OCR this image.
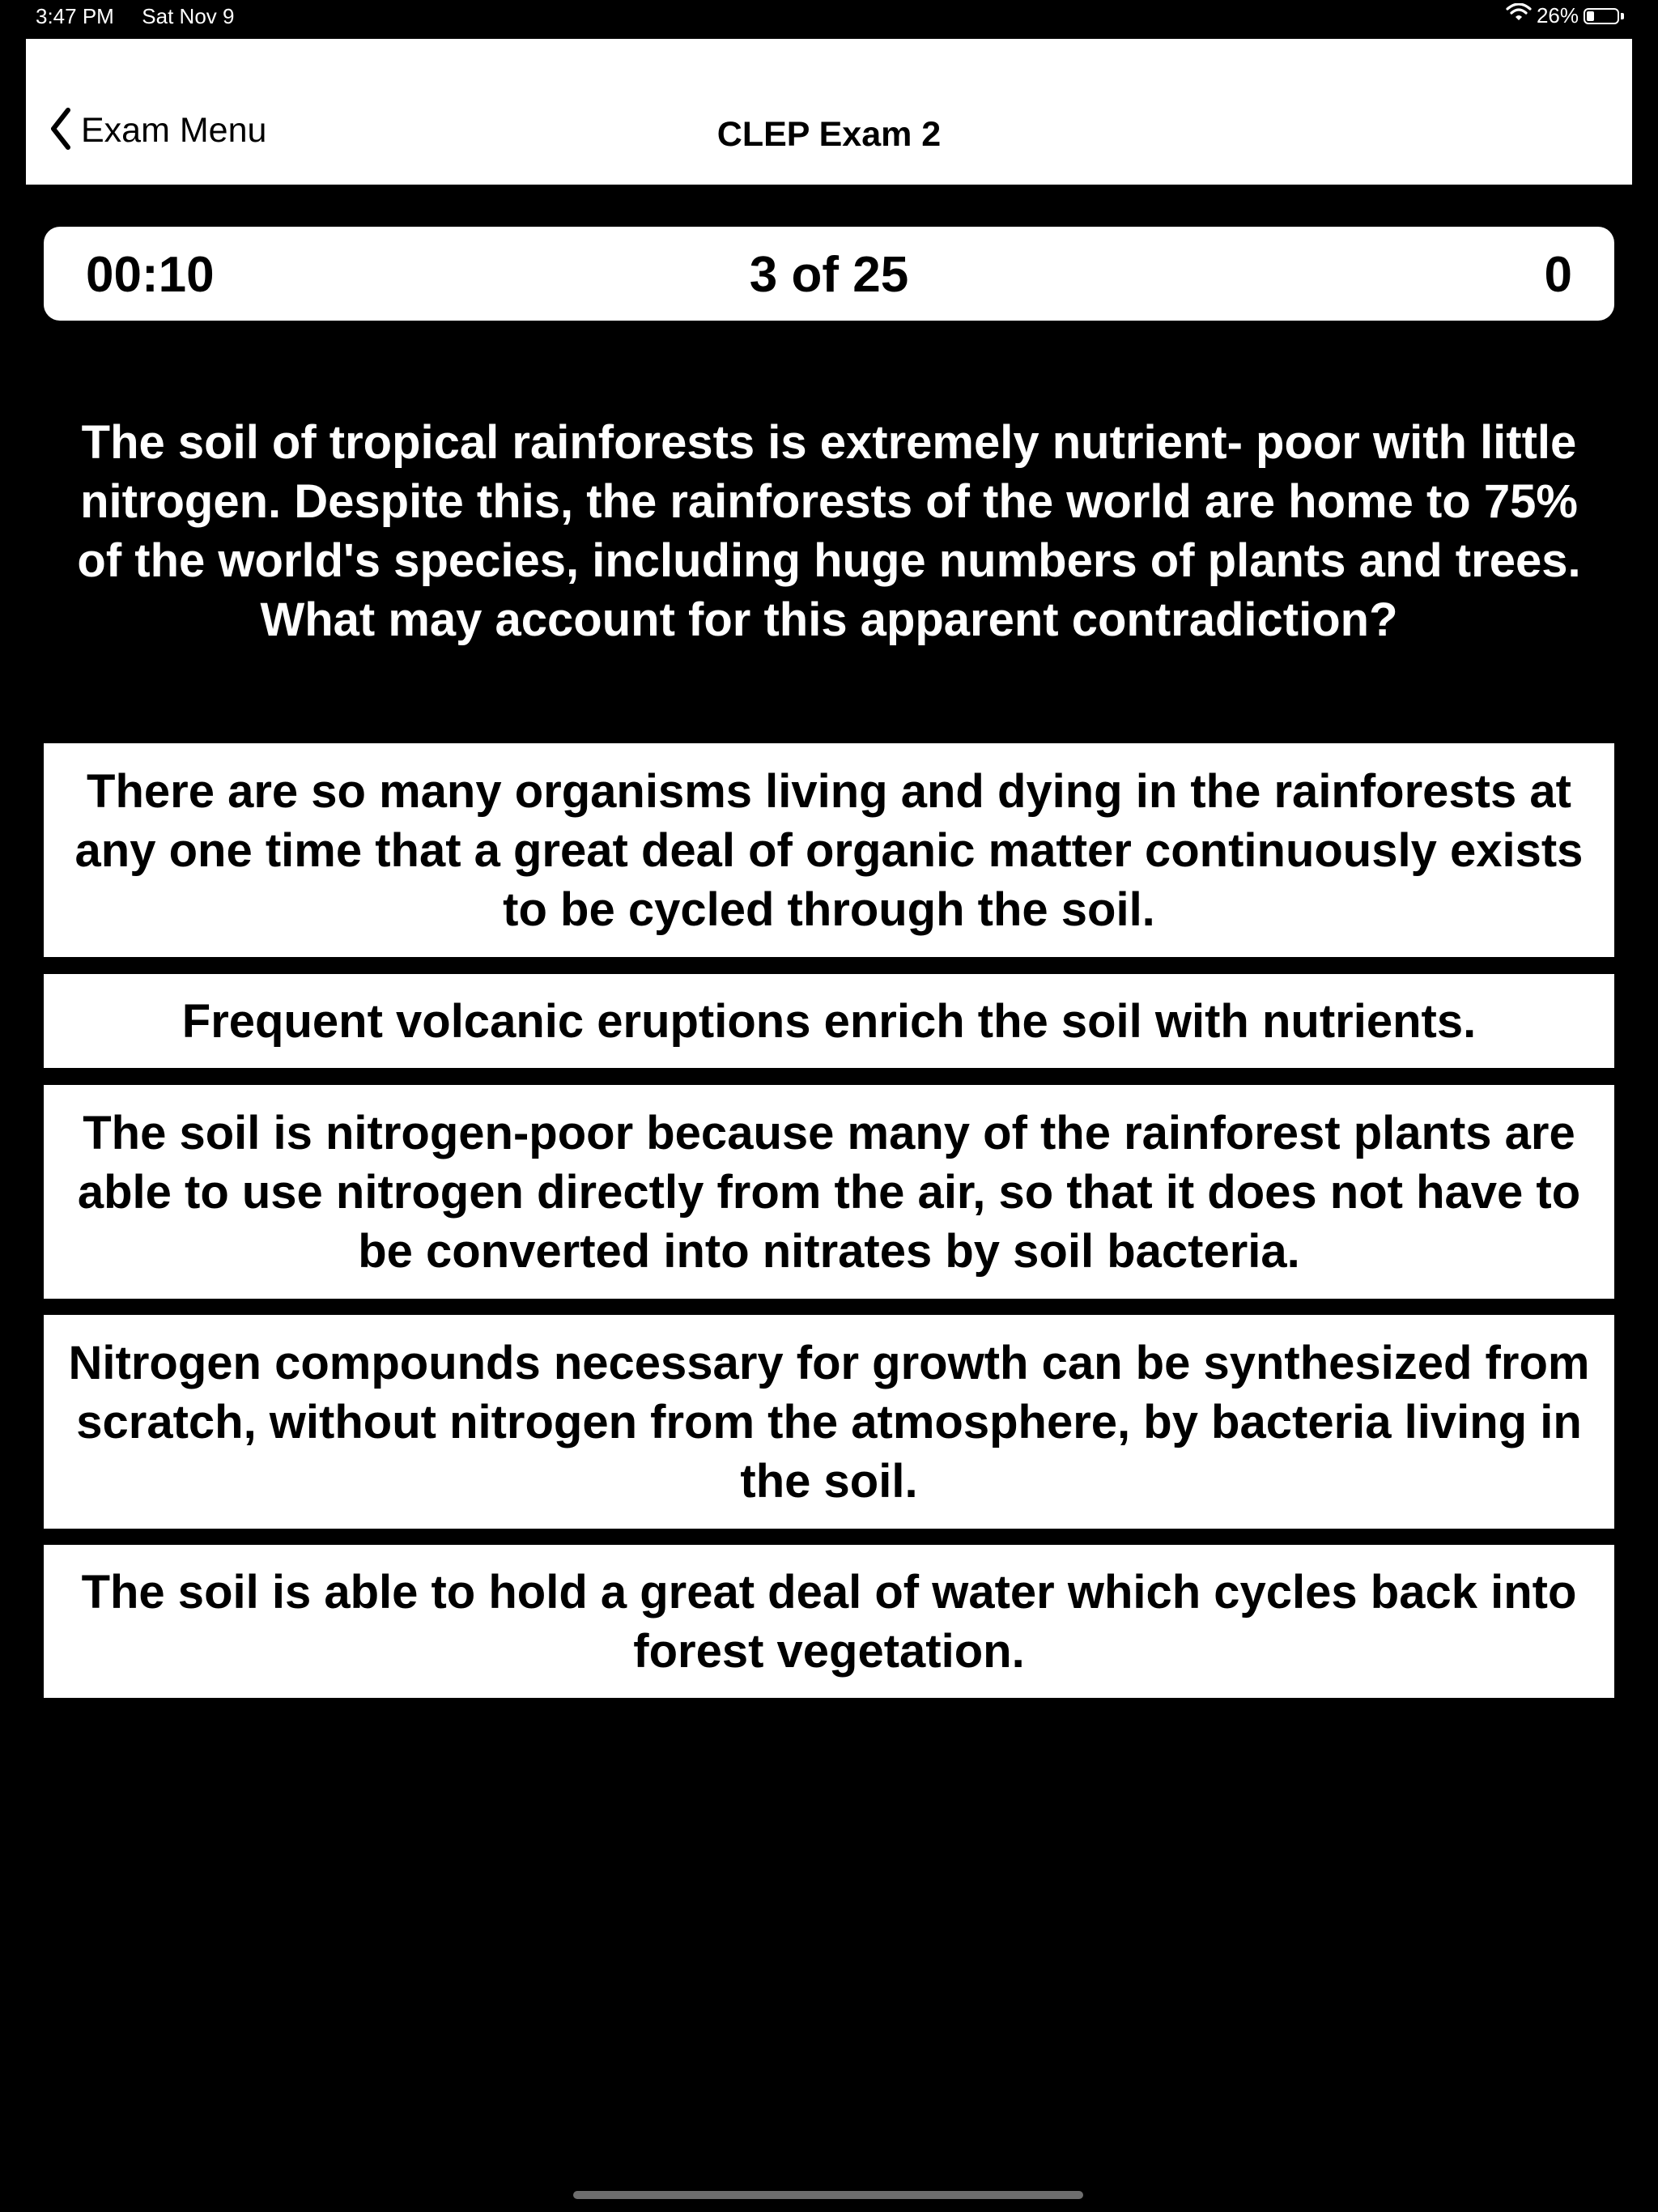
3:47 PM Sat Nov 9	26%
Exam Menu	CLEP Exam 2
00:10	3 of 25	0
The soil of tropical rainforests is extremely nutrient- poor with little nitrogen. Despite this, the rainforests of the world are home to 75% of the world's species, including huge numbers of plants and trees. What may account for this apparent contradiction?
There are so many organisms living and dying in the rainforests at any one time that a great deal of organic matter continuously exists to be cycled through the soil.
Frequent volcanic eruptions enrich the soil with nutrients.
The soil is nitrogen-poor because many of the rainforest plants are able to use nitrogen directly from the air, so that it does not have to be converted into nitrates by soil bacteria.
Nitrogen compounds necessary for growth can be synthesized from scratch, without nitrogen from the atmosphere, by bacteria living in the soil.
The soil is able to hold a great deal of water which cycles back into forest vegetation.
